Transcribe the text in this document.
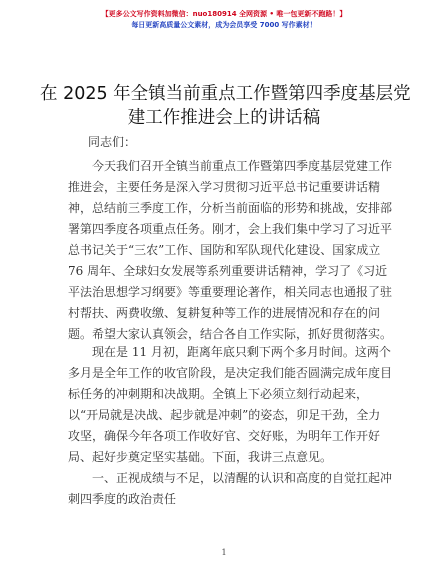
【更多公文写作资料加微信：nuo180914 全网资源 • 唯一包更新不跑路！】
每日更新高质量公文素材，成为会员享受 7000 写作素材！
在 2025 年全镇当前重点工作暨第四季度基层党
建工作推进会上的讲话稿
同志们：
今天我们召开全镇当前重点工作暨第四季度基层党建工作
推进会，主要任务是深入学习贯彻习近平总书记重要讲话精
神，总结前三季度工作，分析当前面临的形势和挑战，安排部
署第四季度各项重点任务。刚才，会上我们集中学习了习近平
总书记关于“三农”工作、国防和军队现代化建设、国家成立
76 周年、全球妇女发展等系列重要讲话精神，学习了《习近
平法治思想学习纲要》等重要理论著作，相关同志也通报了驻
村帮扶、两费收缴、复耕复种等工作的进展情况和存在的问
题。希望大家认真领会，结合各自工作实际，抓好贯彻落实。
现在是 11 月初，距离年底只剩下两个多月时间。这两个
多月是全年工作的收官阶段，是决定我们能否圆满完成年度目
标任务的冲刺期和决战期。全镇上下必须立刻行动起来，
以“开局就是决战、起步就是冲刺”的姿态，卯足干劲，全力
攻坚，确保今年各项工作收好官、交好账，为明年工作开好
局、起好步奠定坚实基础。下面，我讲三点意见。
一、正视成绩与不足，以清醒的认识和高度的自觉扛起冲
刺四季度的政治责任
1
